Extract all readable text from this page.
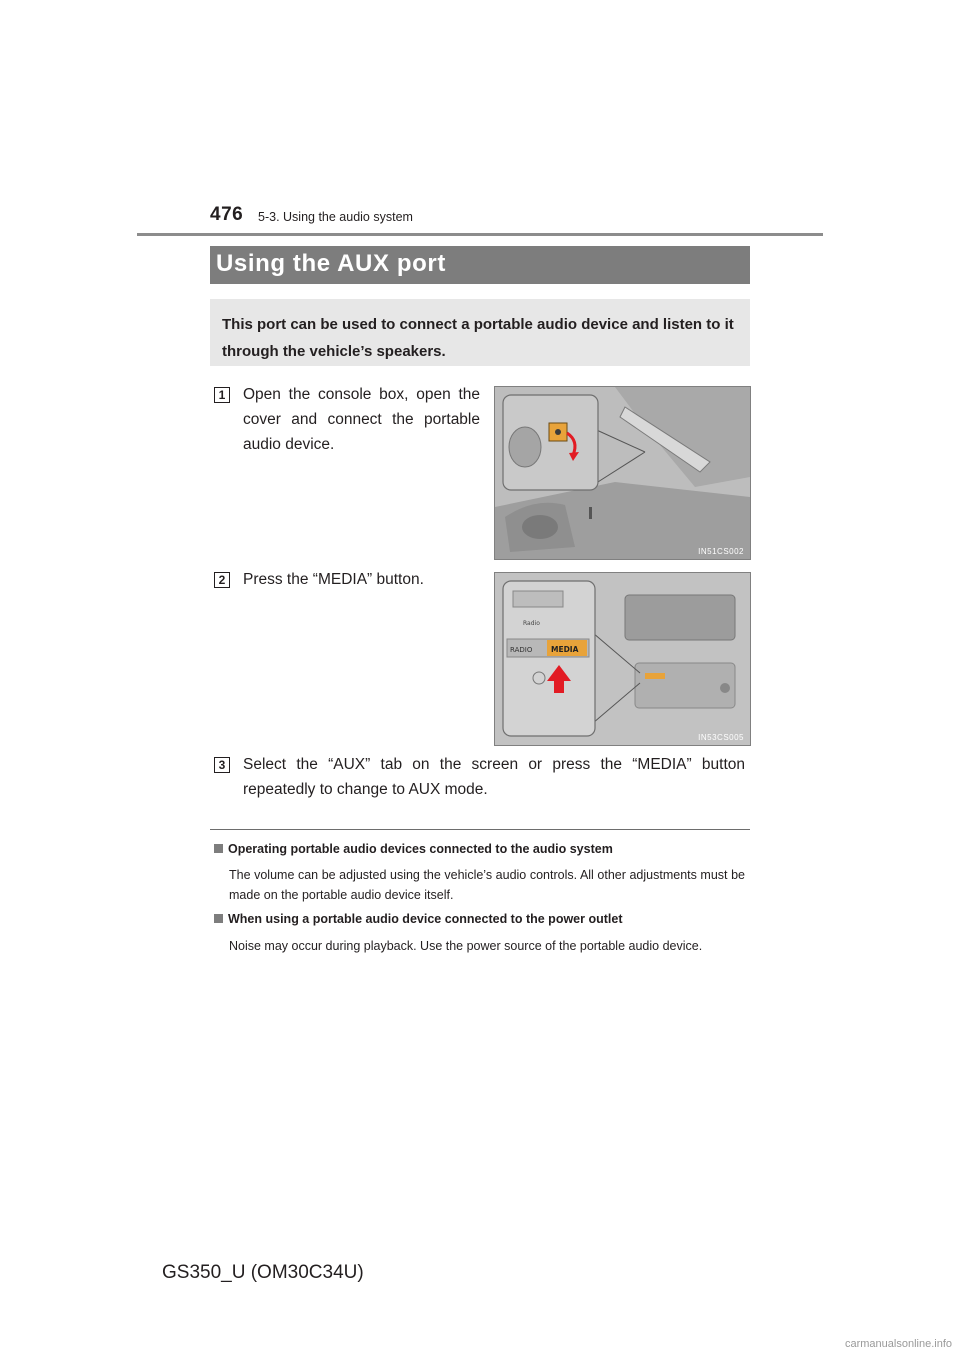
476 5-3. Using the audio system
Using the AUX port
This port can be used to connect a portable audio device and listen to it through the vehicle’s speakers.
1	Open the console box, open the cover and connect the portable audio device.
IN51CS002
2	Press the “MEDIA” button.
RADIO MEDIA
Radio
IN53CS005
3	Select the “AUX” tab on the screen or press the “MEDIA” button repeatedly to change to AUX mode.
Operating portable audio devices connected to the audio system
The volume can be adjusted using the vehicle’s audio controls. All other adjustments must be made on the portable audio device itself.
When using a portable audio device connected to the power outlet
Noise may occur during playback. Use the power source of the portable audio device.
GS350_U (OM30C34U)
carmanualsonline.info
